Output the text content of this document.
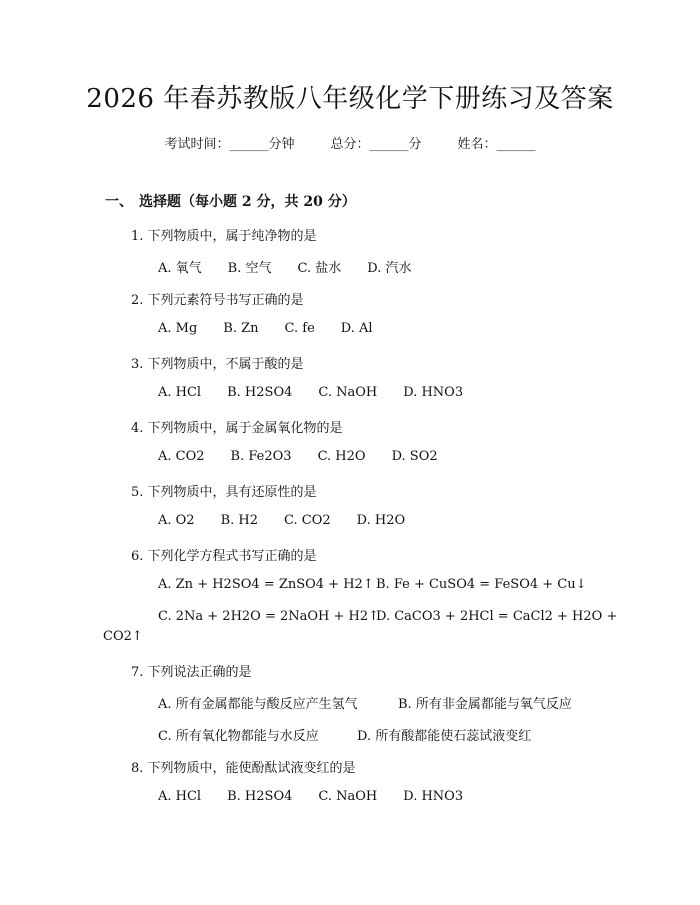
2026 年春苏教版八年级化学下册练习及答案
考试时间：______分钟	总分：______分	姓名：______
一、 选择题（每小题 2 分，共 20 分）
1. 下列物质中，属于纯净物的是
A. 氧气 B. 空气 C. 盐水 D. 汽水
2. 下列元素符号书写正确的是
A. Mg B. Zn C. fe D. Al
3. 下列物质中，不属于酸的是
A. HCl B. H2SO4 C. NaOH D. HNO3
4. 下列物质中，属于金属氧化物的是
A. CO2 B. Fe2O3 C. H2O D. SO2
5. 下列物质中，具有还原性的是
A. O2 B. H2 C. CO2 D. H2O
6. 下列化学方程式书写正确的是
A. Zn + H2SO4 = ZnSO4 + H2↑ B. Fe + CuSO4 = FeSO4 + Cu↓
C. 2Na + 2H2O = 2NaOH + H2↑
D. CaCO3 + 2HCl = CaCl2 + H2O +
CO2↑
7. 下列说法正确的是
A. 所有金属都能与酸反应产生氢气	B. 所有非金属都能与氧气反应
C. 所有氧化物都能与水反应	D. 所有酸都能使石蕊试液变红
8. 下列物质中，能使酚酞试液变红的是
A. HCl B. H2SO4 C. NaOH D. HNO3
